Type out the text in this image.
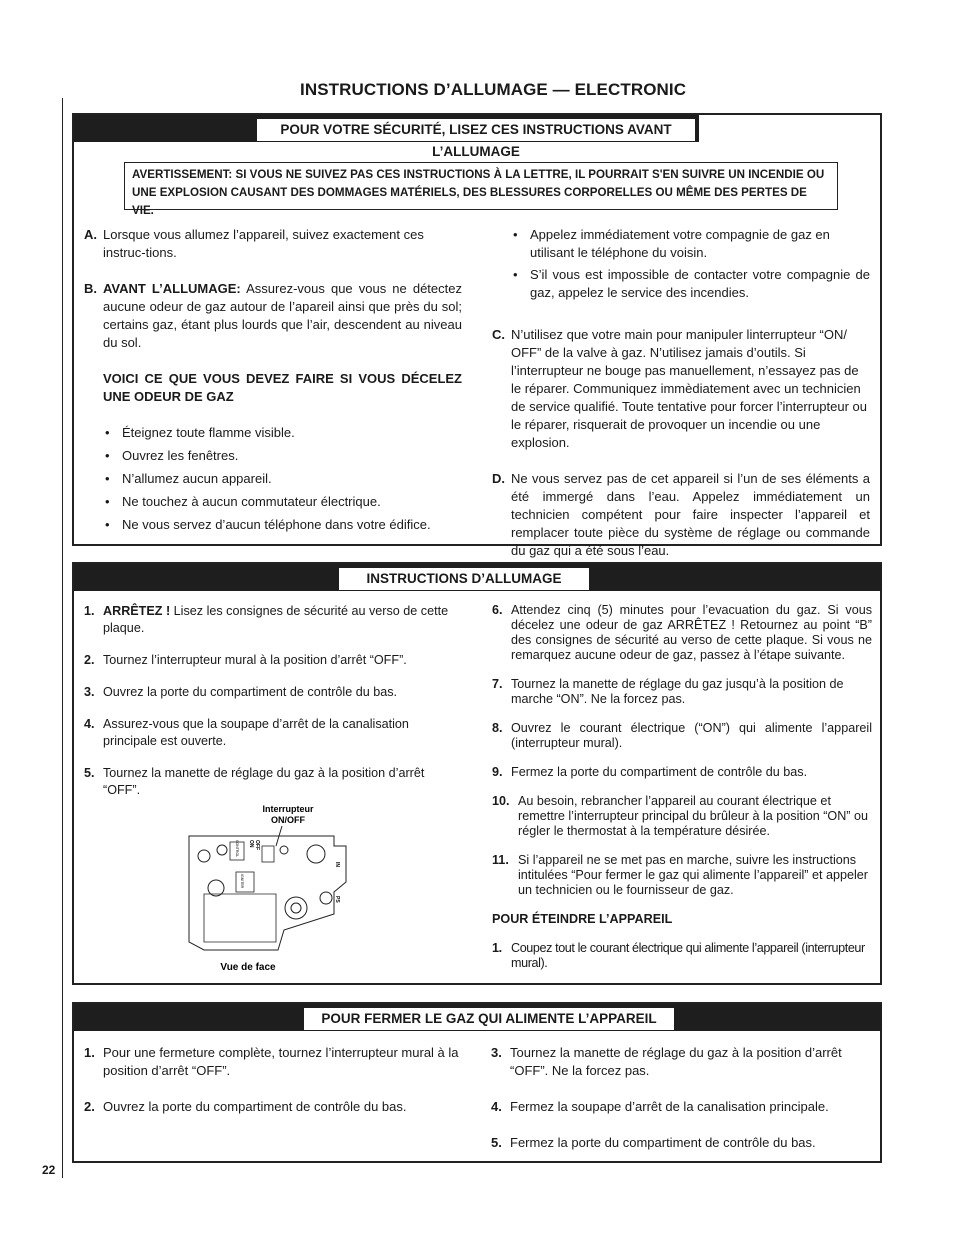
22
INSTRUCTIONS D’ALLUMAGE — ELECTRONIC
POUR VOTRE SÉCURITÉ, LISEZ CES INSTRUCTIONS AVANT L’ALLUMAGE
AVERTISSEMENT: SI VOUS NE SUIVEZ PAS CES INSTRUCTIONS À LA LETTRE, IL POURRAIT S'EN SUIVRE UN INCENDIE OU UNE EXPLOSION CAUSANT DES DOMMAGES MATÉRIELS, DES BLESSURES CORPORELLES OU MÊME DES PERTES DE VIE.
A. Lorsque vous allumez l’appareil, suivez exactement ces instruc-tions.
B. AVANT L’ALLUMAGE: Assurez-vous que vous ne détectez aucune odeur de gaz autour de l’apareil ainsi que près du sol; certains gaz, étant plus lourds que l’air, descendent au niveau du sol.
VOICI CE QUE VOUS DEVEZ FAIRE SI VOUS DÉCELEZ UNE ODEUR DE GAZ
• Éteignez toute flamme visible.
• Ouvrez les fenêtres.
• N’allumez aucun appareil.
• Ne touchez à aucun commutateur électrique.
• Ne vous servez d’aucun téléphone dans votre édifice.
• Appelez immédiatement votre compagnie de gaz en utilisant le téléphone du voisin.
• S’il vous est impossible de contacter votre compagnie de gaz, appelez le service des incendies.
C. N’utilisez que votre main pour manipuler linterrupteur “ON/ OFF” de la valve à gaz. N’utilisez jamais d’outils. Si l’interrupteur ne bouge pas manuellement, n’essayez pas de le réparer. Communiquez immèdiatement avec un technicien de service qualifié. Toute tentative pour forcer l’interrupteur ou le réparer, risquerait de provoquer un incendie ou une explosion.
D. Ne vous servez pas de cet appareil si l’un de ses éléments a été immergé dans l’eau. Appelez immédiatement un technicien compétent pour faire inspecter l’appareil et remplacer toute pièce du système de réglage ou commande du gaz qui a été sous l’eau.
INSTRUCTIONS D’ALLUMAGE
1. ARRÊTEZ ! Lisez les consignes de sécurité au verso de cette plaque.
2. Tournez l’interrupteur mural à la position d’arrêt “OFF”.
3. Ouvrez la porte du compartiment de contrôle du bas.
4. Assurez-vous que la soupape d’arrêt de la canalisation principale est ouverte.
5. Tournez la manette de réglage du gaz à la position d’arrêt “OFF”.
Interrupteur
ON/OFF
OFF
ON
CONTROL
IGNITER
IN
PS
Vue de face
6. Attendez cinq (5) minutes pour l’evacuation du gaz. Si vous décelez une odeur de gaz ARRÊTEZ ! Retournez au point “B” des consignes de sécurité au verso de cette plaque. Si vous ne remarquez aucune odeur de gaz, passez à l’étape suivante.
7. Tournez la manette de réglage du gaz jusqu’à la position de marche “ON”. Ne la forcez pas.
8. Ouvrez le courant électrique (“ON”) qui alimente l’appareil (interrupteur mural).
9. Fermez la porte du compartiment de contrôle du bas.
10. Au besoin, rebrancher l’appareil au courant électrique et remettre l’interrupteur principal du brûleur à la position “ON” ou régler le thermostat à la température désirée.
11. Si l’appareil ne se met pas en marche, suivre les instructions intitulées “Pour fermer le gaz qui alimente l’appareil” et appeler un technicien ou le fournisseur de gaz.
POUR ÉTEINDRE L’APPAREIL
1. Coupez tout le courant électrique qui alimente l’appareil (interrupteur mural).
POUR FERMER LE GAZ QUI ALIMENTE L’APPAREIL
1. Pour une fermeture complète, tournez l’interrupteur mural à la position d’arrêt “OFF”.
2. Ouvrez la porte du compartiment de contrôle du bas.
3. Tournez la manette de réglage du gaz à la position d’arrêt “OFF”. Ne la forcez pas.
4. Fermez la soupape d’arrêt de la canalisation principale.
5. Fermez la porte du compartiment de contrôle du bas.
